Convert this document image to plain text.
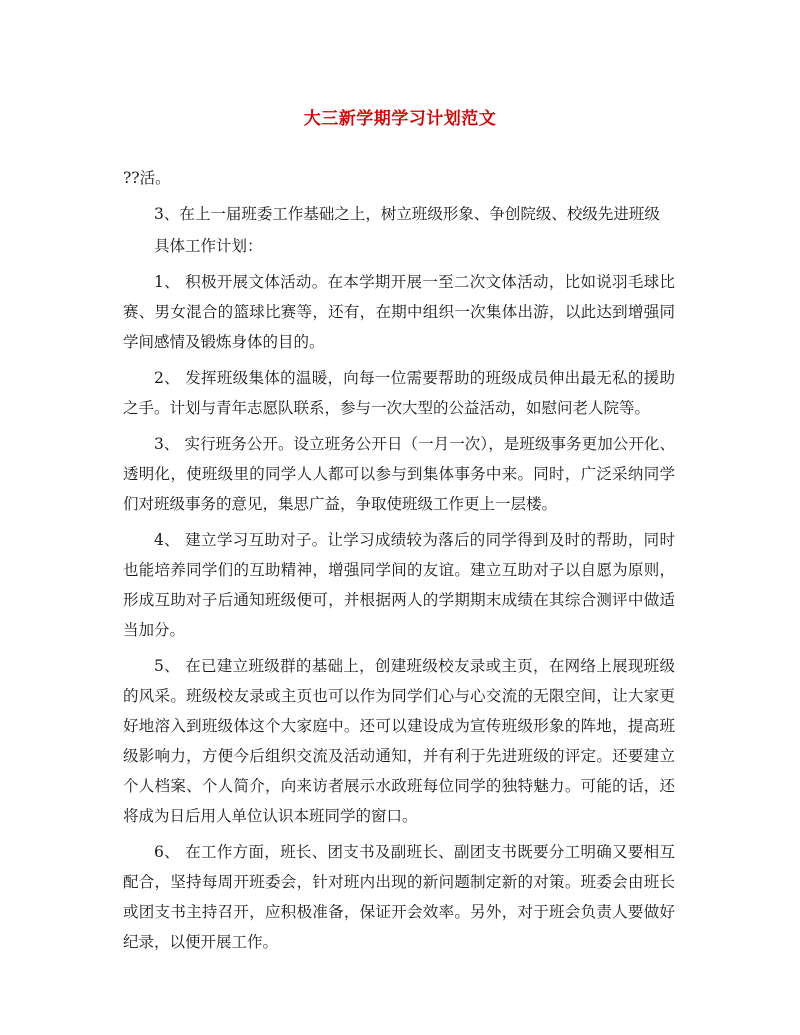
大三新学期学习计划范文

??活。

3、在上一届班委工作基础之上，树立班级形象、争创院级、校级先进班级

具体工作计划：

1、 积极开展文体活动。在本学期开展一至二次文体活动，比如说羽毛球比赛、男女混合的篮球比赛等，还有，在期中组织一次集体出游，以此达到增强同学间感情及锻炼身体的目的。

2、 发挥班级集体的温暖，向每一位需要帮助的班级成员伸出最无私的援助之手。计划与青年志愿队联系，参与一次大型的公益活动，如慰问老人院等。

3、 实行班务公开。设立班务公开日（一月一次），是班级事务更加公开化、透明化，使班级里的同学人人都可以参与到集体事务中来。同时，广泛采纳同学们对班级事务的意见，集思广益，争取使班级工作更上一层楼。

4、 建立学习互助对子。让学习成绩较为落后的同学得到及时的帮助，同时也能培养同学们的互助精神，增强同学间的友谊。建立互助对子以自愿为原则，形成互助对子后通知班级便可，并根据两人的学期期末成绩在其综合测评中做适当加分。

5、 在已建立班级群的基础上，创建班级校友录或主页，在网络上展现班级的风采。班级校友录或主页也可以作为同学们心与心交流的无限空间，让大家更好地溶入到班级体这个大家庭中。还可以建设成为宣传班级形象的阵地，提高班级影响力，方便今后组织交流及活动通知，并有利于先进班级的评定。还要建立个人档案、个人简介，向来访者展示水政班每位同学的独特魅力。可能的话，还将成为日后用人单位认识本班同学的窗口。

6、 在工作方面，班长、团支书及副班长、副团支书既要分工明确又要相互配合，坚持每周开班委会，针对班内出现的新问题制定新的对策。班委会由班长或团支书主持召开，应积极准备，保证开会效率。另外，对于班会负责人要做好纪录，以便开展工作。
